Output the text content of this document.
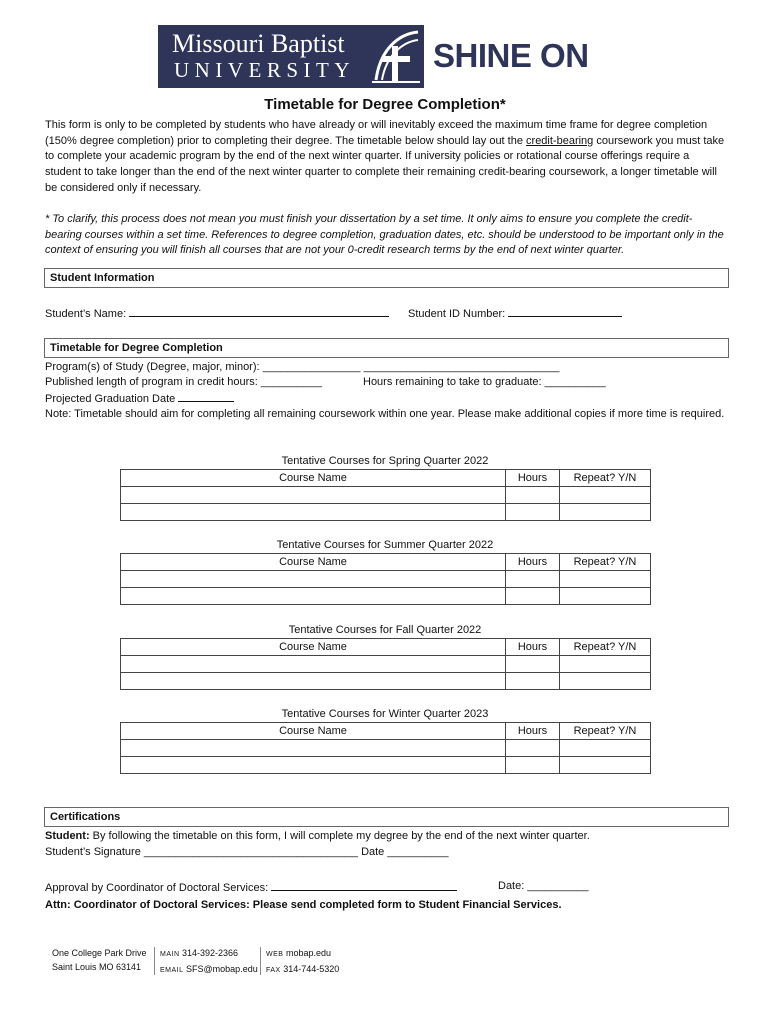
Missouri Baptist
UNIVERSITY SHINE ON
Timetable for Degree Completion*
This form is only to be completed by students who have already or will inevitably exceed the maximum time frame for degree completion (150% degree completion) prior to completing their degree. The timetable below should lay out the credit-bearing coursework you must take to complete your academic program by the end of the next winter quarter. If university policies or rotational course offerings require a student to take longer than the end of the next winter quarter to complete their remaining credit-bearing coursework, a longer timetable will be considered only if necessary.
* To clarify, this process does not mean you must finish your dissertation by a set time. It only aims to ensure you complete the credit-bearing courses within a set time. References to degree completion, graduation dates, etc. should be understood to be important only in the context of ensuring you will finish all courses that are not your 0-credit research terms by the end of next winter quarter.
Student Information
Student’s Name:	Student ID Number:
Timetable for Degree Completion
Program(s) of Study (Degree, major, minor): ________________ ________________________________
Published length of program in credit hours: __________	Hours remaining to take to graduate: __________
Projected Graduation Date
Note: Timetable should aim for completing all remaining coursework within one year. Please make additional copies if more time is required.
Tentative Courses for Spring Quarter 2022
Course Name	Hours	Repeat? Y/N

Tentative Courses for Summer Quarter 2022
Course Name	Hours	Repeat? Y/N

Tentative Courses for Fall Quarter 2022
Course Name	Hours	Repeat? Y/N

Tentative Courses for Winter Quarter 2023
Course Name	Hours	Repeat? Y/N

Certifications
Student: By following the timetable on this form, I will complete my degree by the end of the next winter quarter.
Student’s Signature ___________________________________ Date __________
Approval by Coordinator of Doctoral Services:	Date: __________
Attn: Coordinator of Doctoral Services: Please send completed form to Student Financial Services.
One College Park Drive
Saint Louis MO 63141
MAIN 314-392-2366
EMAIL SFS@mobap.edu
WEB mobap.edu
FAX 314-744-5320
